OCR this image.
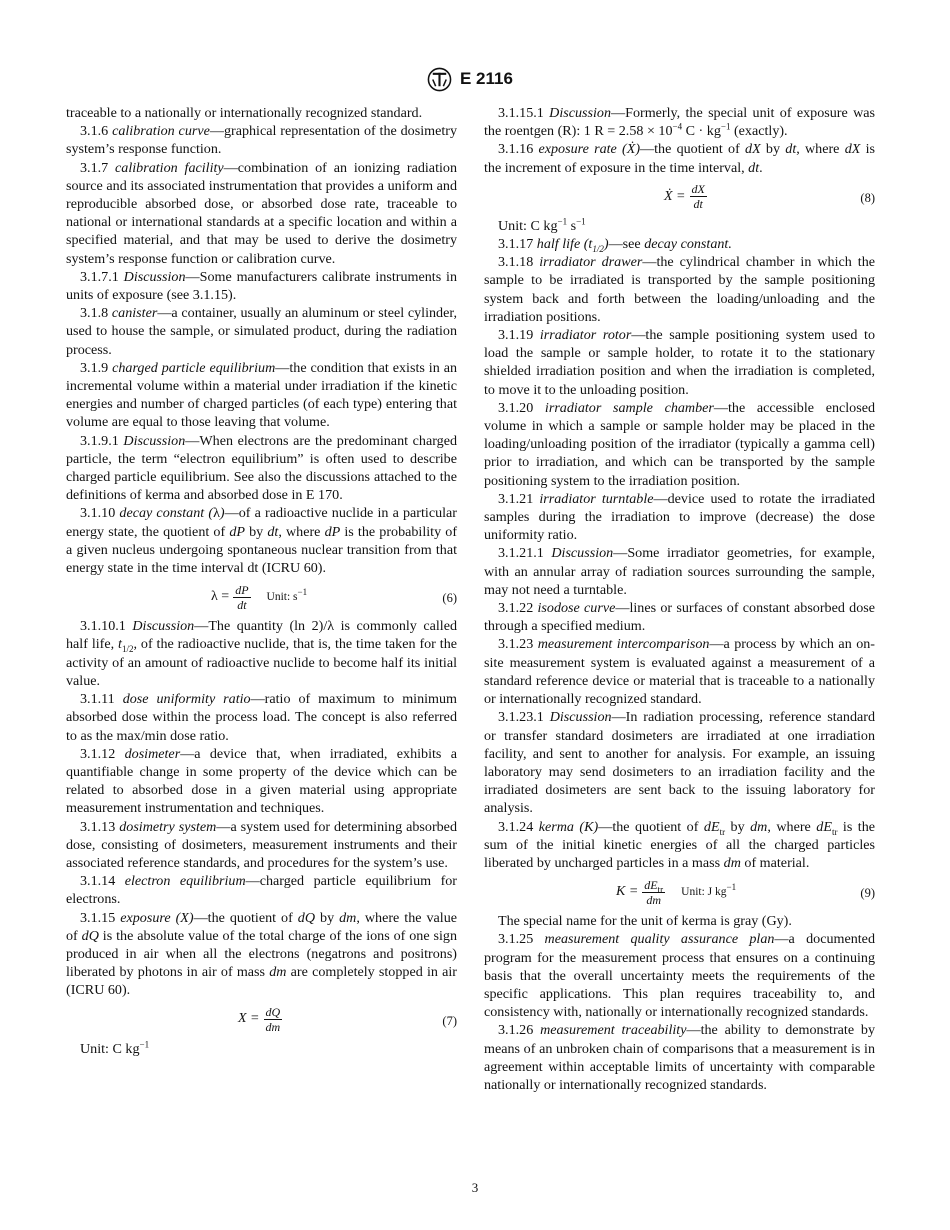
E 2116

traceable to a nationally or internationally recognized standard.

3.1.6 calibration curve—graphical representation of the dosimetry system’s response function.

3.1.7 calibration facility—combination of an ionizing radiation source and its associated instrumentation that provides a uniform and reproducible absorbed dose, or absorbed dose rate, traceable to national or international standards at a specific location and within a specified material, and that may be used to derive the dosimetry system’s response function or calibration curve.

3.1.7.1 Discussion—Some manufacturers calibrate instruments in units of exposure (see 3.1.15).

3.1.8 canister—a container, usually an aluminum or steel cylinder, used to house the sample, or simulated product, during the radiation process.

3.1.9 charged particle equilibrium—the condition that exists in an incremental volume within a material under irradiation if the kinetic energies and number of charged particles (of each type) entering that volume are equal to those leaving that volume.

3.1.9.1 Discussion—When electrons are the predominant charged particle, the term “electron equilibrium” is often used to describe charged particle equilibrium. See also the discussions attached to the definitions of kerma and absorbed dose in E 170.

3.1.10 decay constant (λ)—of a radioactive nuclide in a particular energy state, the quotient of dP by dt, where dP is the probability of a given nucleus undergoing spontaneous nuclear transition from that energy state in the time interval dt (ICRU 60).

$\lambda = \frac{dP}{dt}$ Unit: $s^{-1}$	(6)

3.1.10.1 Discussion—The quantity (ln 2)/λ is commonly called half life, $t_{1/2}$, of the radioactive nuclide, that is, the time taken for the activity of an amount of radioactive nuclide to become half its initial value.

3.1.11 dose uniformity ratio—ratio of maximum to minimum absorbed dose within the process load. The concept is also referred to as the max/min dose ratio.

3.1.12 dosimeter—a device that, when irradiated, exhibits a quantifiable change in some property of the device which can be related to absorbed dose in a given material using appropriate measurement instrumentation and techniques.

3.1.13 dosimetry system—a system used for determining absorbed dose, consisting of dosimeters, measurement instruments and their associated reference standards, and procedures for the system’s use.

3.1.14 electron equilibrium—charged particle equilibrium for electrons.

3.1.15 exposure (X)—the quotient of dQ by dm, where the value of dQ is the absolute value of the total charge of the ions of one sign produced in air when all the electrons (negatrons and positrons) liberated by photons in air of mass dm are completely stopped in air (ICRU 60).

$X = \frac{dQ}{dm}$	(7)

Unit: C $kg^{-1}$

3.1.15.1 Discussion—Formerly, the special unit of exposure was the roentgen (R): 1 $R = 2.58 \times 10^{-4}$ $C \cdot kg^{-1}$ (exactly).

3.1.16 exposure rate (Ẋ)—the quotient of dX by dt, where dX is the increment of exposure in the time interval, dt.

Ẋ = $\frac{dX}{dt}$	(8)

Unit: C $kg^{-1}$ $s^{-1}$

3.1.17 half life $(t_{1/2})—see$ decay constant.

3.1.18 irradiator drawer—the cylindrical chamber in which the sample to be irradiated is transported by the sample positioning system back and forth between the loading/unloading and the irradiation positions.

3.1.19 irradiator rotor—the sample positioning system used to load the sample or sample holder, to rotate it to the stationary shielded irradiation position and when the irradiation is completed, to move it to the unloading position.

3.1.20 irradiator sample chamber—the accessible enclosed volume in which a sample or sample holder may be placed in the loading/unloading position of the irradiator (typically a gamma cell) prior to irradiation, and which can be transported by the sample positioning system to the irradiation position.

3.1.21 irradiator turntable—device used to rotate the irradiated samples during the irradiation to improve (decrease) the dose uniformity ratio.

3.1.21.1 Discussion—Some irradiator geometries, for example, with an annular array of radiation sources surrounding the sample, may not need a turntable.

3.1.22 isodose curve—lines or surfaces of constant absorbed dose through a specified medium.

3.1.23 measurement intercomparison—a process by which an on-site measurement system is evaluated against a measurement of a standard reference device or material that is traceable to a nationally or internationally recognized standard.

3.1.23.1 Discussion—In radiation processing, reference standard or transfer standard dosimeters are irradiated at one irradiation facility, and sent to another for analysis. For example, an issuing laboratory may send dosimeters to an irradiation facility and the irradiated dosimeters are sent back to the issuing laboratory for analysis.

3.1.24 kerma (K)—the quotient of $dE_{tr}$ by dm, where $dE_{tr}$ is the sum of the initial kinetic energies of all the charged particles liberated by uncharged particles in a mass dm of material.

$K = \frac{dE_{tr}}{dm}$ Unit: J $kg^{-1}$	(9)

The special name for the unit of kerma is gray (Gy).

3.1.25 measurement quality assurance plan—a documented program for the measurement process that ensures on a continuing basis that the overall uncertainty meets the requirements of the specific applications. This plan requires traceability to, and consistency with, nationally or internationally recognized standards.

3.1.26 measurement traceability—the ability to demonstrate by means of an unbroken chain of comparisons that a measurement is in agreement within acceptable limits of uncertainty with comparable nationally or internationally recognized standards.

3
